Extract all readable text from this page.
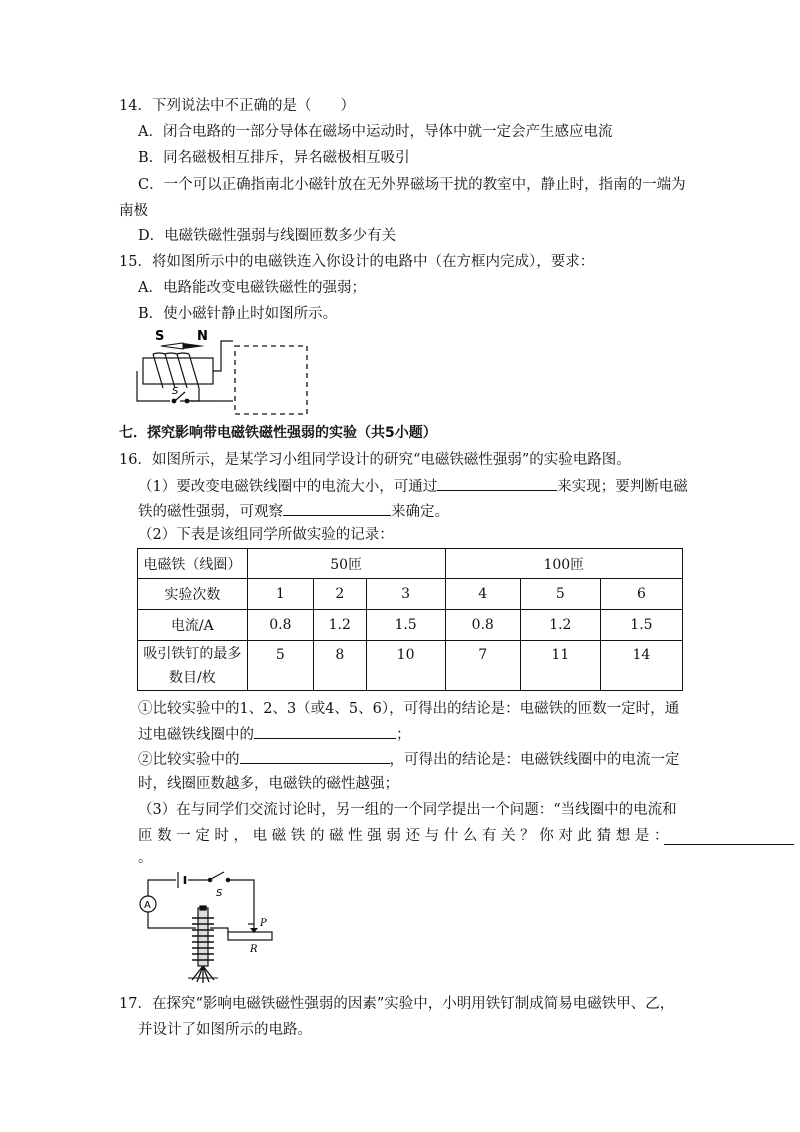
14．下列说法中不正确的是（　　）
A．闭合电路的一部分导体在磁场中运动时，导体中就一定会产生感应电流
B．同名磁极相互排斥，异名磁极相互吸引
C．一个可以正确指南北小磁针放在无外界磁场干扰的教室中，静止时，指南的一端为
南极
D．电磁铁磁性强弱与线圈匝数多少有关
15．将如图所示中的电磁铁连入你设计的电路中（在方框内完成），要求：
A．电路能改变电磁铁磁性的强弱；
B．使小磁针静止时如图所示。
S	N
S
七．探究影响带电磁铁磁性强弱的实验（共5小题）
16．如图所示，是某学习小组同学设计的研究“电磁铁磁性强弱”的实验电路图。
（1）要改变电磁铁线圈中的电流大小，可通过	来实现；要判断电磁
铁的磁性强弱，可观察	来确定。
（2）下表是该组同学所做实验的记录：
电磁铁（线圈）	50匝			100匝		
实验次数	1	2	3	4	5	6
电流/A	0.8	1.2	1.5	0.8	1.2	1.5
吸引铁钉的最多
数目/枚	5	8	10	7	11	14
①比较实验中的1、2、3（或4、5、6），可得出的结论是：电磁铁的匝数一定时，通
过电磁铁线圈中的	；
②比较实验中的	，可得出的结论是：电磁铁线圈中的电流一定
时，线圈匝数越多，电磁铁的磁性越强；
（3）在与同学们交流讨论时，另一组的一个同学提出一个问题：“当线圈中的电流和
匝 数 一 定 时 ， 电 磁 铁 的 磁 性 强 弱 还 与 什 么 有 关 ？ 你 对 此 猜 想 是 ：
。
S
A
P
R
17．在探究“影响电磁铁磁性强弱的因素”实验中，小明用铁钉制成简易电磁铁甲、乙，
并设计了如图所示的电路。
